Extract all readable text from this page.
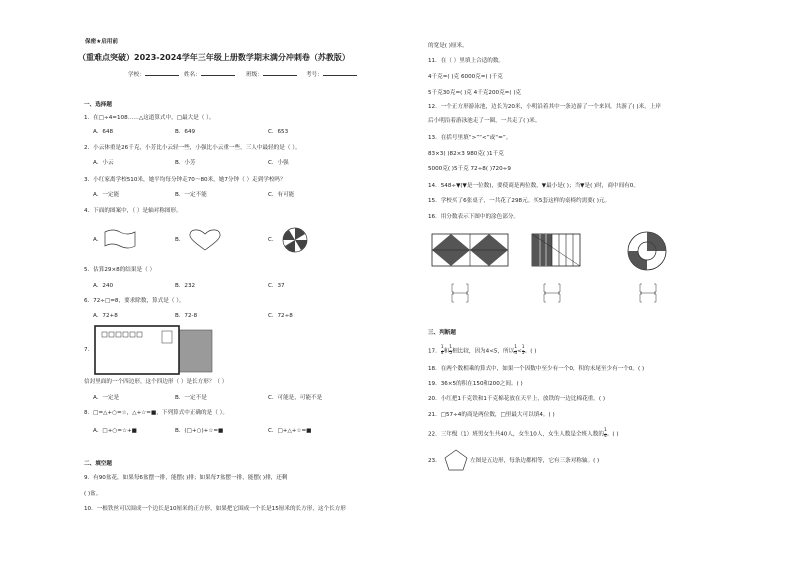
保密★启用前
（重难点突破）2023-2024学年三年级上册数学期末满分冲刺卷（苏教版）
学校：	姓名：	班级：	考号：
一、选择题
1．在□÷4=108……△这道算式中，□最大是（ ）。
A．648	B．649	C．653
2．小云体重是26千克，小芳比小云轻一些，小强比小云重一些，三人中最轻的是（ ）。
A．小云	B．小芳	C．小强
3．小红家离学校510米，她平均每分钟走70～80米，她7分钟（ ）走到学校吗？
A．一定能	B．一定不能	C．有可能
4．下面的图案中，（ ）是轴对称图形。
A．	B．	C．
5．估算29×8的结果是（ ）
A．240	B．232	C．37
6．72÷□=8，要求除数，算式是（ ）。
A．72+8	B．72-8	C．72÷8
7．
信封里面的一个四边形，这个四边形（ ）是长方形？（ ）
A．一定是	B．一定不是	C．可能是，可能不是
8．□=△+○=☆，△+☆=■，下列算式中正确的是（ ）。
A．□+○=☆+■	B．(□+○)+☆=■	C．□+△+☆=■
二、填空题
9．有90盆花，如果每6盆摆一排，能摆( )排；如果每7盆摆一排，能摆( )排，还剩
( )盆。
10．一根铁丝可以围成一个边长是10厘米的正方形，如果把它围成一个长是15厘米的长方形，这个长方形
的宽是( )厘米。
11．在（ ）里填上合适的数。
4千克=( )克 6000克=( )千克
5千克30克=( )克 4千克200克=( )克
12．一个正方形游泳池，边长为20米，小明沿着其中一条边游了一个来回，共游了( )米，上岸
后小明沿着游泳池走了一圈，一共走了( )米。
13．在括号里填“>”“<”或“=”。
83×3( )82×3 980克( )1千克
5000克( )5千克 72÷8( )720÷9
14．548÷▼(▼是一位数)，要使商是两位数，▼最小是( )；当▼是( )时，商中间有0。
15．学校买了6张桌子，一共花了298元。买5套这样的桌椅约需要( )元。
16．用分数表示下图中的涂色部分。
三、判断题
17． $\frac{1}{4}$ 和 $\frac{1}{5}$ 相比较，因为4<5，所以 $\frac{1}{4} < \frac{1}{5}$ 。( )
18．在两个数相乘的算式中，如果一个因数中至少有一个0，积的末尾至少有一个0。( )
19．36×5的积在150和200之间。( )
20．小红把1千克铁和1千克棉花放在天平上，放铁的一边比棉花重。( )
21．□57÷4的商是两位数，□里最大可以填4。( )
22．三年级（1）班男女生共40人，女生10人，女生人数是全班人数的 $\frac{1}{4}$ 。( )
23．	左图是五边形，每条边都相等，它有三条对称轴。( )
